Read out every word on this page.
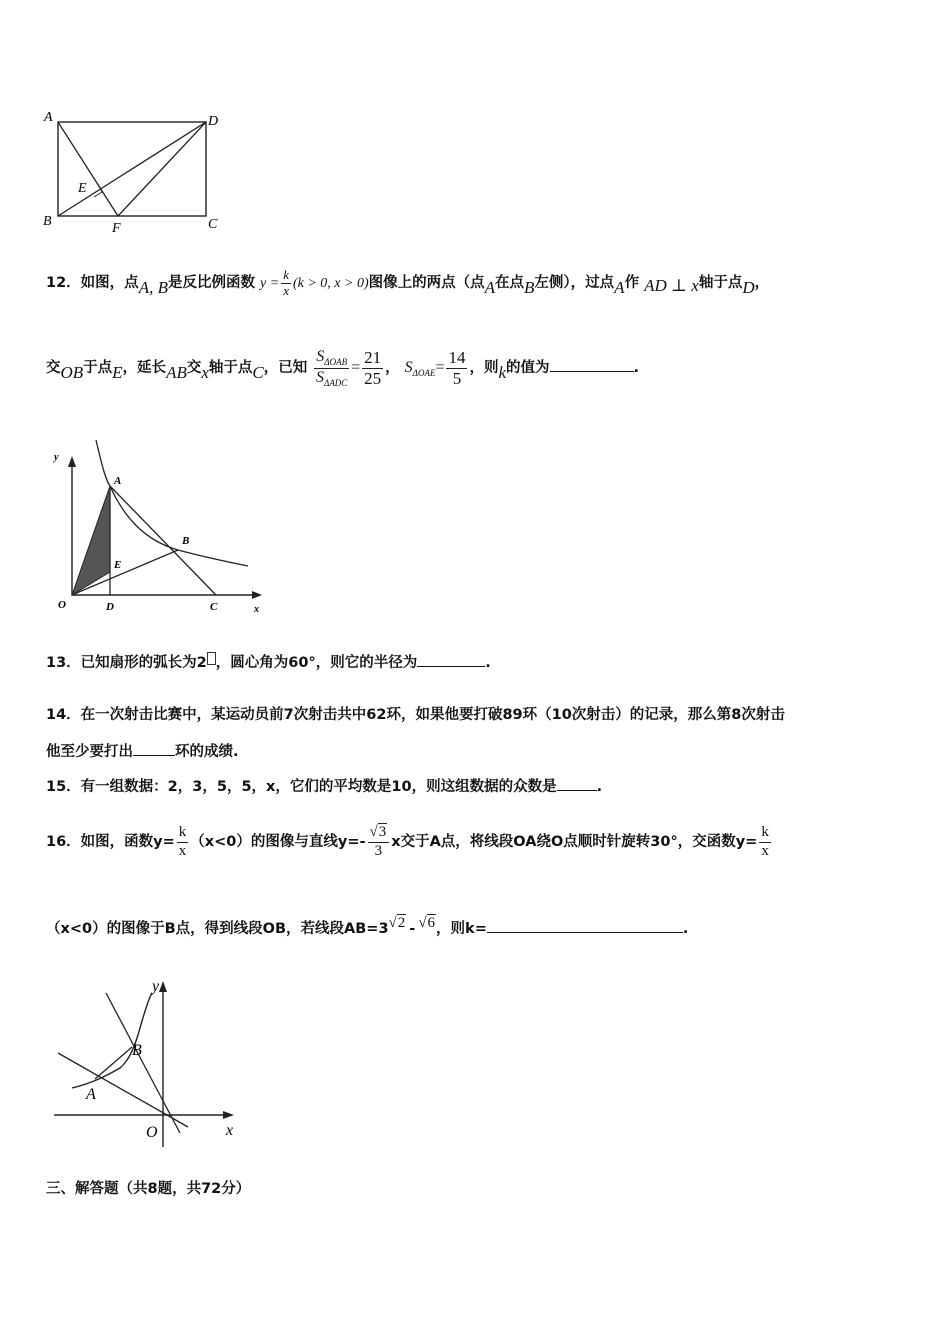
A	D
B	C
E
F
12．如图，点A, B是反比例函数 $y = \frac{k}{x} (k > 0$, x > 0)图像上的两点（点A在点B左侧），过点A作 AD ⊥ x轴于点D，
交OB于点E，延长AB交x轴于点C，已知 $\frac{S_{\Delta OAB}}{S_{\Delta ADC}} = \frac{21}{25}$ ， $S_{\Delta OAE}= \frac{14}{5}$ ，则k的值为	.
y
x
O	D	C
A
B
E
13．已知扇形的弧长为2 ，圆心角为60°，则它的半径为	.
14．在一次射击比赛中，某运动员前7次射击共中62环，如果他要打破89环（10次射击）的记录，那么第8次射击
他至少要打出	环的成绩.
15．有一组数据：2，3，5，5，x，它们的平均数是10，则这组数据的众数是	.
16．如图，函数$y= \frac{k}{x} (x<0)$的图像与直线$y=- \frac{√3}{3}$ x交于A点，将线段OA绕O点顺时针旋转30°，交函数$y= \frac{k}{x}$
（x<0）的图像于B点，得到线段OB，若线段AB=3√2 - √6，则k=	.
y
x
O
A
B
三、解答题（共8题，共72分）
